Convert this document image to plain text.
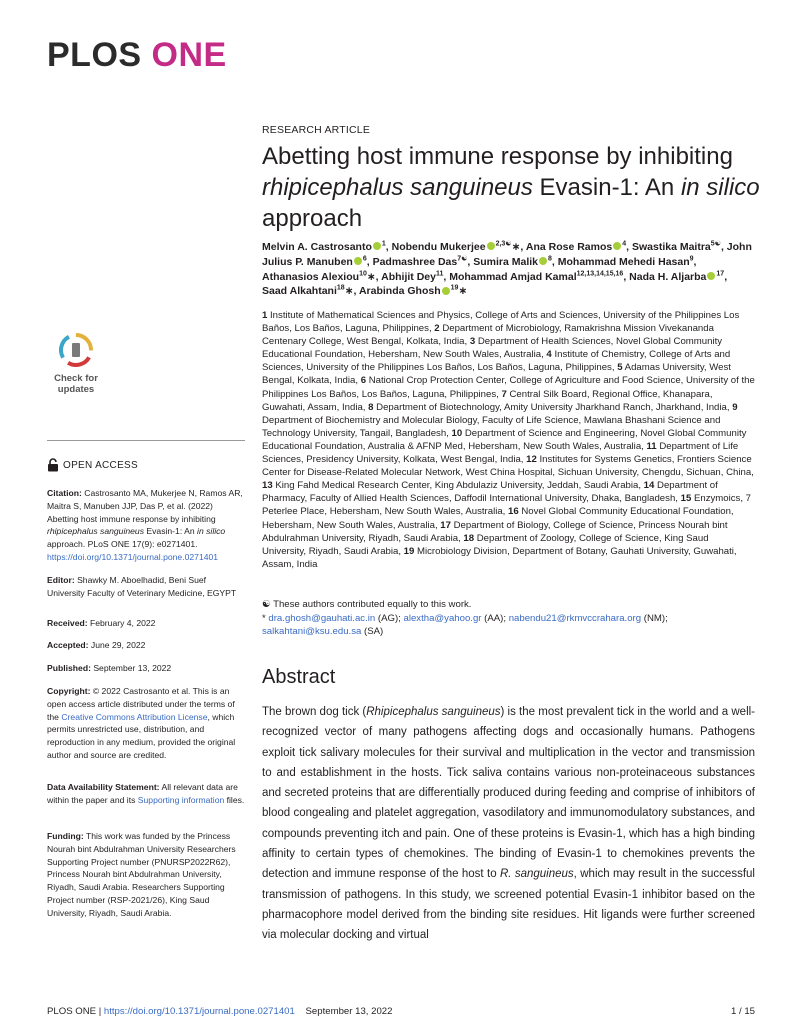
PLOS ONE
RESEARCH ARTICLE
Abetting host immune response by inhibiting
rhipicephalus sanguineus Evasin-1: An in silico
approach
Melvin A. Castrosanto $^1$, Nobendu Mukerjee $^{2,3☯}$∗, Ana Rose Ramos $^4$, Swastika Maitra$^{5☯}$, John Julius P. Manuben $^6$, Padmashree Das$^{7☯}$, Sumira Malik $^8$, Mohammad Mehedi Hasan$^9$, Athanasios Alexiou$^{10}$∗, Abhijit Dey$^{11}$, Mohammad Amjad Kamal$^{12,13,14,15,16}$, Nada H. Aljarba $^{17}$, Saad Alkahtani$^{18}$∗, Arabinda Ghosh $^{19}$∗

1 Institute of Mathematical Sciences and Physics, College of Arts and Sciences, University of the Philippines Los Baños, Los Baños, Laguna, Philippines, 2 Department of Microbiology, Ramakrishna Mission Vivekananda Centenary College, West Bengal, Kolkata, India, 3 Department of Health Sciences, Novel Global Community Educational Foundation, Hebersham, New South Wales, Australia, 4 Institute of Chemistry, College of Arts and Sciences, University of the Philippines Los Baños, Los Baños, Laguna, Philippines, 5 Adamas University, West Bengal, Kolkata, India, 6 National Crop Protection Center, College of Agriculture and Food Science, University of the Philippines Los Baños, Los Baños, Laguna, Philippines, 7 Central Silk Board, Regional Office, Khanapara, Guwahati, Assam, India, 8 Department of Biotechnology, Amity University Jharkhand Ranch, Jharkhand, India, 9 Department of Biochemistry and Molecular Biology, Faculty of Life Science, Mawlana Bhashani Science and Technology University, Tangail, Bangladesh, 10 Department of Science and Engineering, Novel Global Community Educational Foundation, Australia & AFNP Med, Hebersham, New South Wales, Australia, 11 Department of Life Sciences, Presidency University, Kolkata, West Bengal, India, 12 Institutes for Systems Genetics, Frontiers Science Center for Disease-Related Molecular Network, West China Hospital, Sichuan University, Chengdu, Sichuan, China, 13 King Fahd Medical Research Center, King Abdulaziz University, Jeddah, Saudi Arabia, 14 Department of Pharmacy, Faculty of Allied Health Sciences, Daffodil International University, Dhaka, Bangladesh, 15 Enzymoics, 7 Peterlee Place, Hebersham, New South Wales, Australia, 16 Novel Global Community Educational Foundation, Hebersham, New South Wales, Australia, 17 Department of Biology, College of Science, Princess Nourah bint Abdulrahman University, Riyadh, Saudi Arabia, 18 Department of Zoology, College of Science, King Saud University, Riyadh, Saudi Arabia, 19 Microbiology Division, Department of Botany, Gauhati University, Guwahati, Assam, India

☯ These authors contributed equally to this work.
* dra.ghosh@gauhati.ac.in (AG); alextha@yahoo.gr (AA); nabendu21@rkmvccrahara.org (NM); salkahtani@ksu.edu.sa (SA)
Abstract

The brown dog tick (Rhipicephalus sanguineus) is the most prevalent tick in the world and a well-recognized vector of many pathogens affecting dogs and occasionally humans. Pathogens exploit tick salivary molecules for their survival and multiplication in the vector and transmission to and establishment in the hosts. Tick saliva contains various non-proteinaceous substances and secreted proteins that are differentially produced during feeding and comprise of inhibitors of blood congealing and platelet aggregation, vasodilatory and immunomodulatory substances, and compounds preventing itch and pain. One of these proteins is Evasin-1, which has a high binding affinity to certain types of chemokines. The binding of Evasin-1 to chemokines prevents the detection and immune response of the host to R. sanguineus, which may result in the successful transmission of pathogens. In this study, we screened potential Evasin-1 inhibitor based on the pharmacophore model derived from the binding site residues. Hit ligands were further screened via molecular docking and virtual

Check for
updates
OPEN ACCESS

Citation: Castrosanto MA, Mukerjee N, Ramos AR, Maitra S, Manuben JJP, Das P, et al. (2022) Abetting host immune response by inhibiting rhipicephalus sanguineus Evasin-1: An in silico approach. PLoS ONE 17(9): e0271401. https://doi.org/10.1371/journal.pone.0271401

Editor: Shawky M. Aboelhadid, Beni Suef University Faculty of Veterinary Medicine, EGYPT

Received: February 4, 2022

Accepted: June 29, 2022

Published: September 13, 2022

Copyright: © 2022 Castrosanto et al. This is an open access article distributed under the terms of the Creative Commons Attribution License, which permits unrestricted use, distribution, and reproduction in any medium, provided the original author and source are credited.

Data Availability Statement: All relevant data are within the paper and its Supporting information files.

Funding: This work was funded by the Princess Nourah bint Abdulrahman University Researchers Supporting Project number (PNURSP2022R62), Princess Nourah bint Abdulrahman University, Riyadh, Saudi Arabia. Researchers Supporting Project number (RSP-2021/26), King Saud University, Riyadh, Saudi Arabia.

PLOS ONE | https://doi.org/10.1371/journal.pone.0271401 September 13, 2022	1 / 15
